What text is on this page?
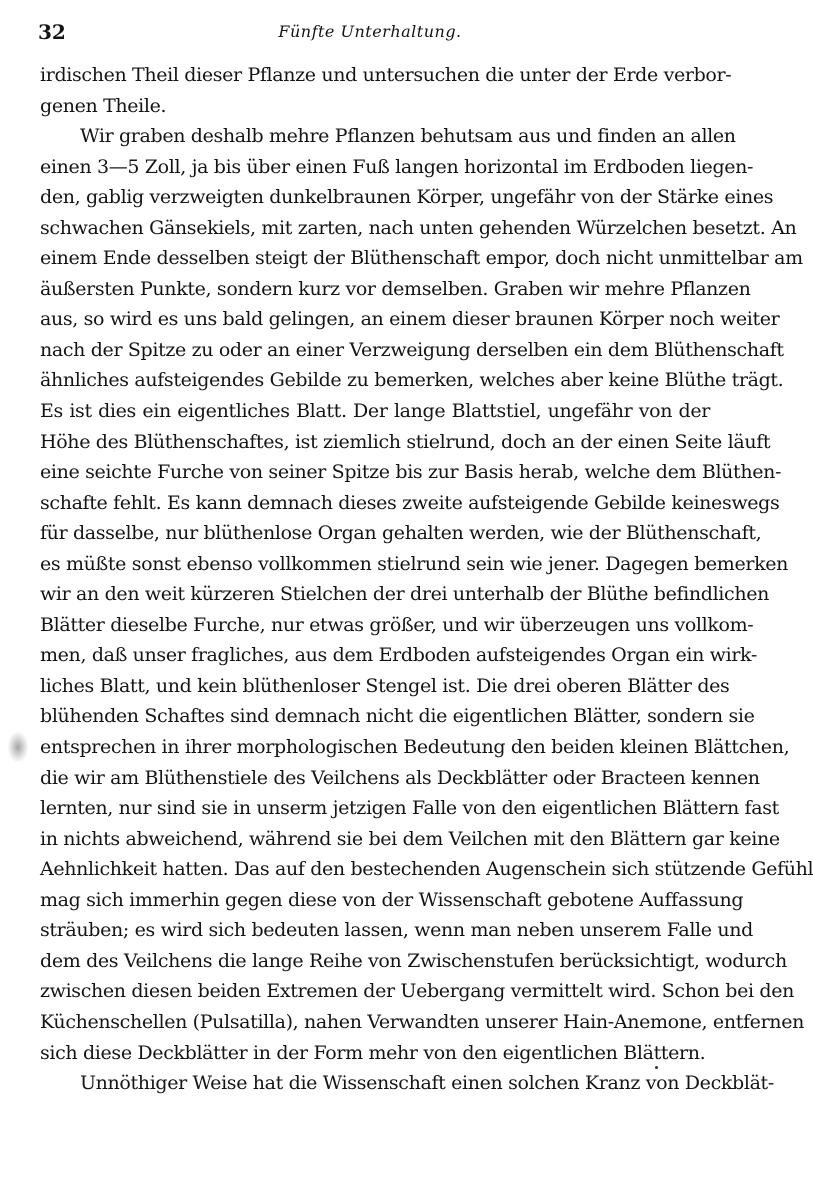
32	Fünfte Unterhaltung.
irdischen Theil dieser Pflanze und untersuchen die unter der Erde verbor-
genen Theile.
Wir graben deshalb mehre Pflanzen behutsam aus und finden an allen
einen 3—5 Zoll, ja bis über einen Fuß langen horizontal im Erdboden liegen-
den, gablig verzweigten dunkelbraunen Körper, ungefähr von der Stärke eines
schwachen Gänsekiels, mit zarten, nach unten gehenden Würzelchen besetzt. An
einem Ende desselben steigt der Blüthenschaft empor, doch nicht unmittelbar am
äußersten Punkte, sondern kurz vor demselben. Graben wir mehre Pflanzen
aus, so wird es uns bald gelingen, an einem dieser braunen Körper noch weiter
nach der Spitze zu oder an einer Verzweigung derselben ein dem Blüthenschaft
ähnliches aufsteigendes Gebilde zu bemerken, welches aber keine Blüthe trägt.
Es ist dies ein eigentliches Blatt. Der lange Blattstiel, ungefähr von der
Höhe des Blüthenschaftes, ist ziemlich stielrund, doch an der einen Seite läuft
eine seichte Furche von seiner Spitze bis zur Basis herab, welche dem Blüthen-
schafte fehlt. Es kann demnach dieses zweite aufsteigende Gebilde keineswegs
für dasselbe, nur blüthenlose Organ gehalten werden, wie der Blüthenschaft,
es müßte sonst ebenso vollkommen stielrund sein wie jener. Dagegen bemerken
wir an den weit kürzeren Stielchen der drei unterhalb der Blüthe befindlichen
Blätter dieselbe Furche, nur etwas größer, und wir überzeugen uns vollkom-
men, daß unser fragliches, aus dem Erdboden aufsteigendes Organ ein wirk-
liches Blatt, und kein blüthenloser Stengel ist. Die drei oberen Blätter des
blühenden Schaftes sind demnach nicht die eigentlichen Blätter, sondern sie
entsprechen in ihrer morphologischen Bedeutung den beiden kleinen Blättchen,
die wir am Blüthenstiele des Veilchens als Deckblätter oder Bracteen kennen
lernten, nur sind sie in unserm jetzigen Falle von den eigentlichen Blättern fast
in nichts abweichend, während sie bei dem Veilchen mit den Blättern gar keine
Aehnlichkeit hatten. Das auf den bestechenden Augenschein sich stützende Gefühl
mag sich immerhin gegen diese von der Wissenschaft gebotene Auffassung
sträuben; es wird sich bedeuten lassen, wenn man neben unserem Falle und
dem des Veilchens die lange Reihe von Zwischenstufen berücksichtigt, wodurch
zwischen diesen beiden Extremen der Uebergang vermittelt wird. Schon bei den
Küchenschellen (Pulsatilla), nahen Verwandten unserer Hain-Anemone, entfernen
sich diese Deckblätter in der Form mehr von den eigentlichen Blättern.
Unnöthiger Weise hat die Wissenschaft einen solchen Kranz von Deckblät-
